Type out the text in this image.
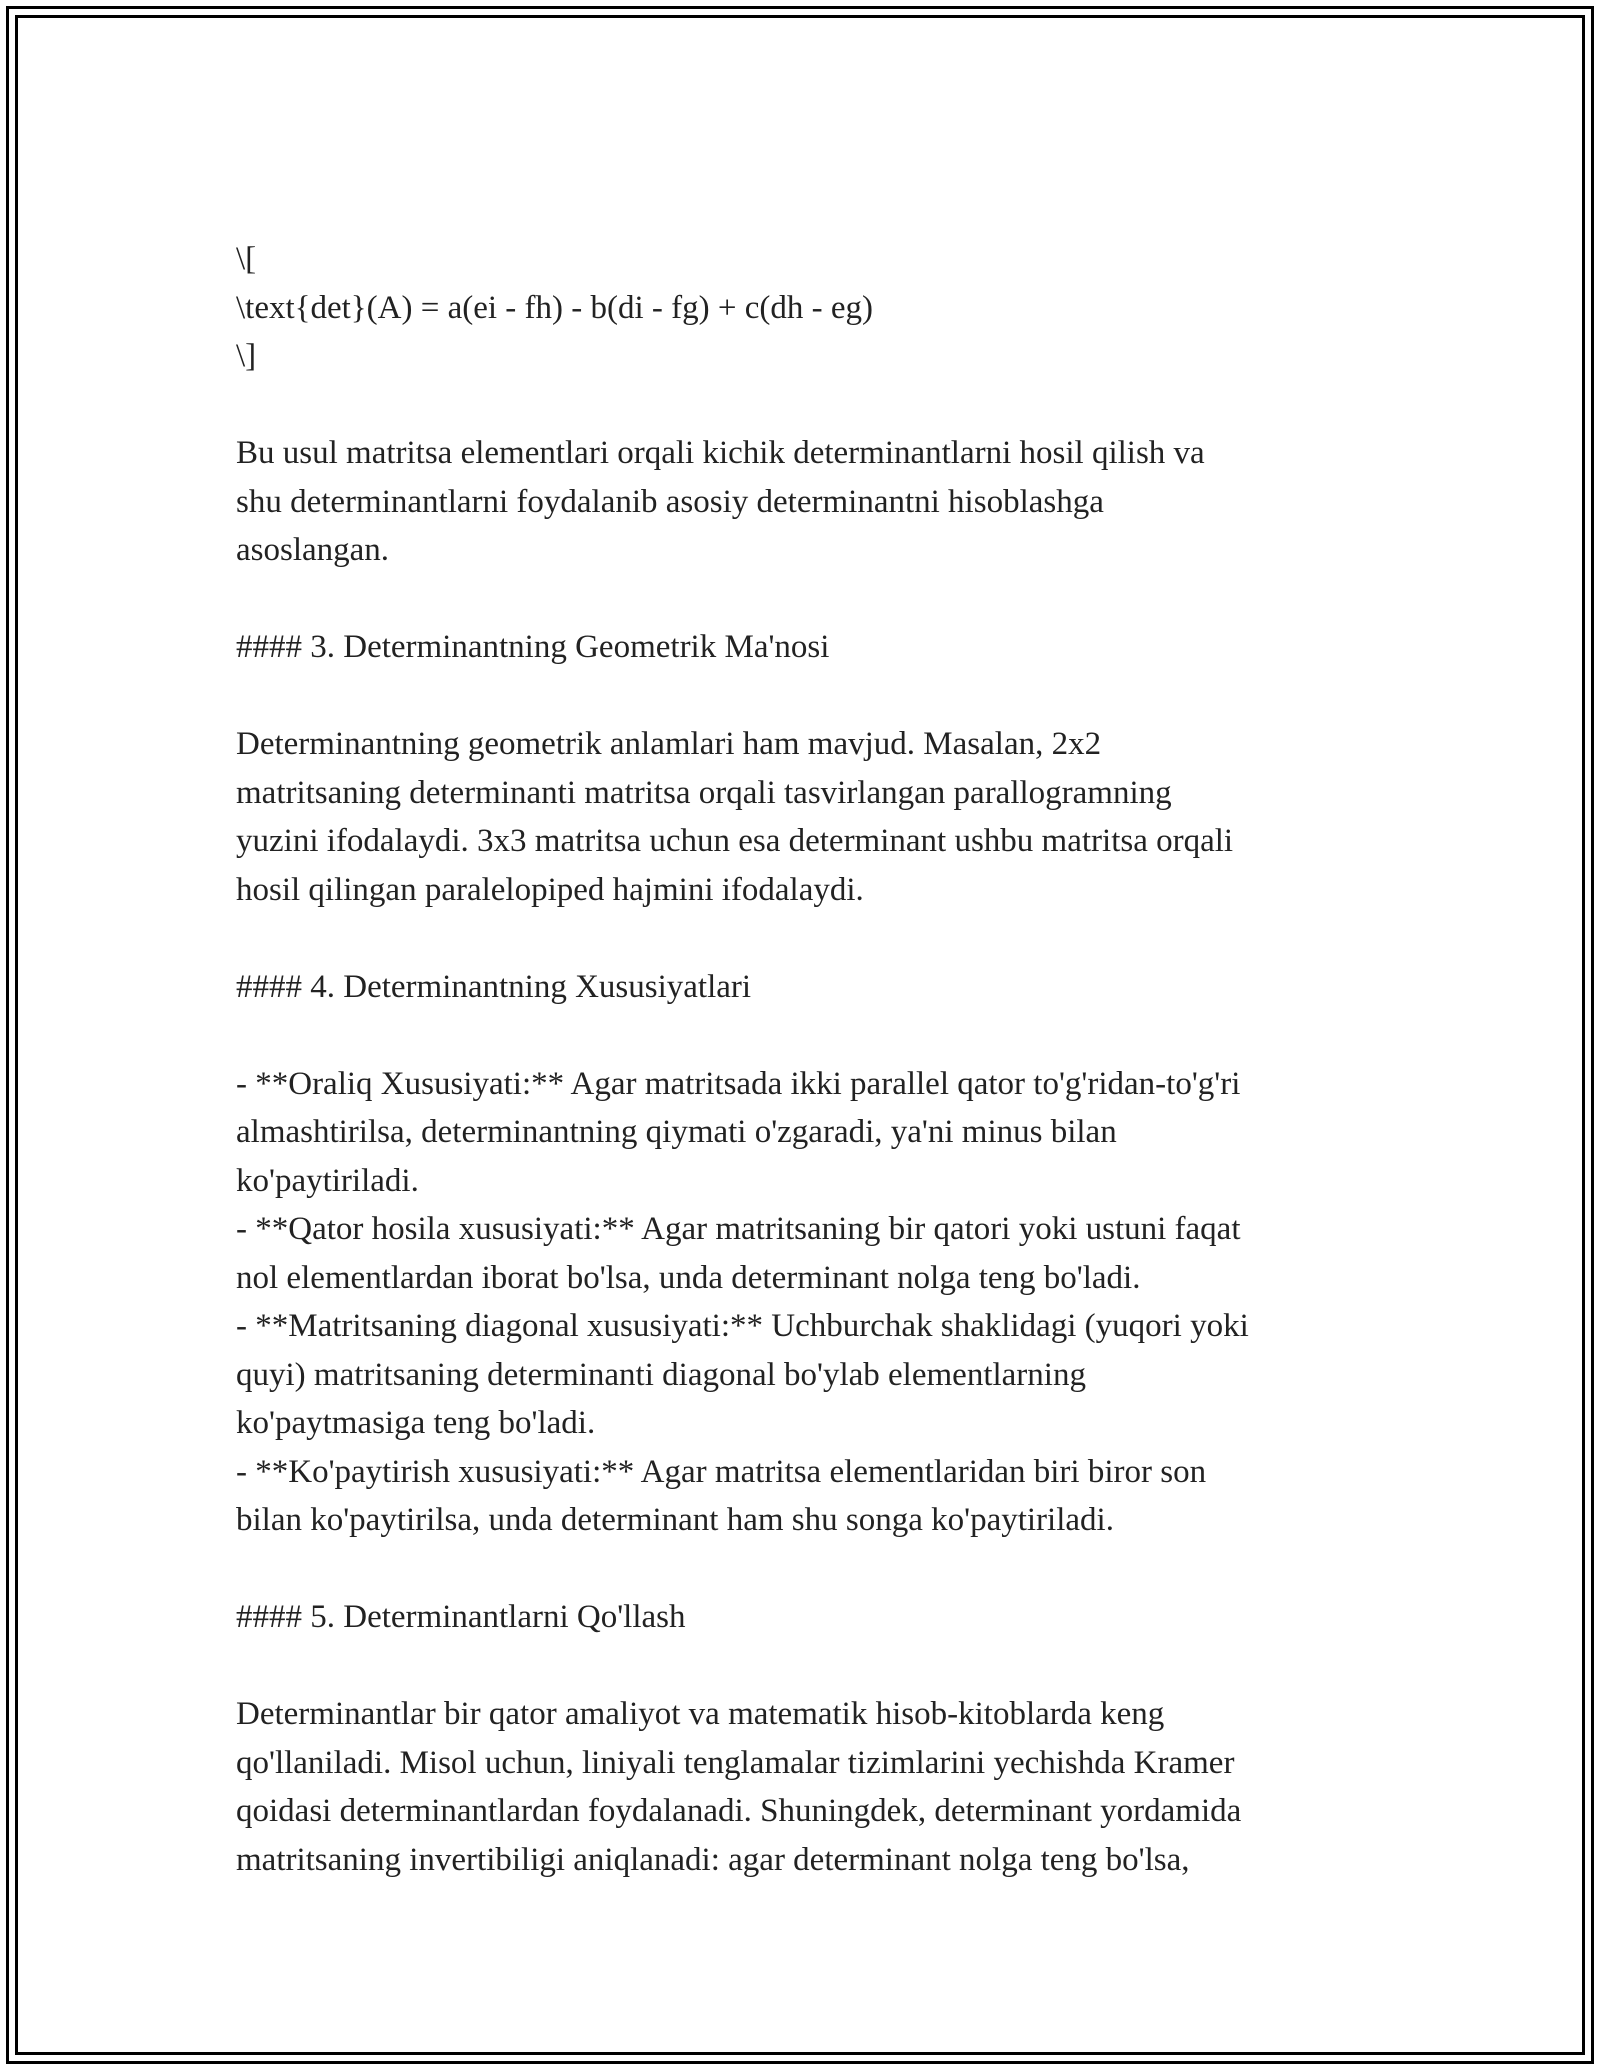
\[
\text{det}(A) = a(ei - fh) - b(di - fg) + c(dh - eg)
\]
Bu usul matritsa elementlari orqali kichik determinantlarni hosil qilish va
shu determinantlarni foydalanib asosiy determinantni hisoblashga
asoslangan.
#### 3. Determinantning Geometrik Ma'nosi
Determinantning geometrik anlamlari ham mavjud. Masalan, 2x2
matritsaning determinanti matritsa orqali tasvirlangan parallogramning
yuzini ifodalaydi. 3x3 matritsa uchun esa determinant ushbu matritsa orqali
hosil qilingan paralelopiped hajmini ifodalaydi.
#### 4. Determinantning Xususiyatlari
- **Oraliq Xususiyati:** Agar matritsada ikki parallel qator to'g'ridan-to'g'ri
almashtirilsa, determinantning qiymati o'zgaradi, ya'ni minus bilan
ko'paytiriladi.
- **Qator hosila xususiyati:** Agar matritsaning bir qatori yoki ustuni faqat
nol elementlardan iborat bo'lsa, unda determinant nolga teng bo'ladi.
- **Matritsaning diagonal xususiyati:** Uchburchak shaklidagi (yuqori yoki
quyi) matritsaning determinanti diagonal bo'ylab elementlarning
ko'paytmasiga teng bo'ladi.
- **Ko'paytirish xususiyati:** Agar matritsa elementlaridan biri biror son
bilan ko'paytirilsa, unda determinant ham shu songa ko'paytiriladi.
#### 5. Determinantlarni Qo'llash
Determinantlar bir qator amaliyot va matematik hisob-kitoblarda keng
qo'llaniladi. Misol uchun, liniyali tenglamalar tizimlarini yechishda Kramer
qoidasi determinantlardan foydalanadi. Shuningdek, determinant yordamida
matritsaning invertibiligi aniqlanadi: agar determinant nolga teng bo'lsa,
